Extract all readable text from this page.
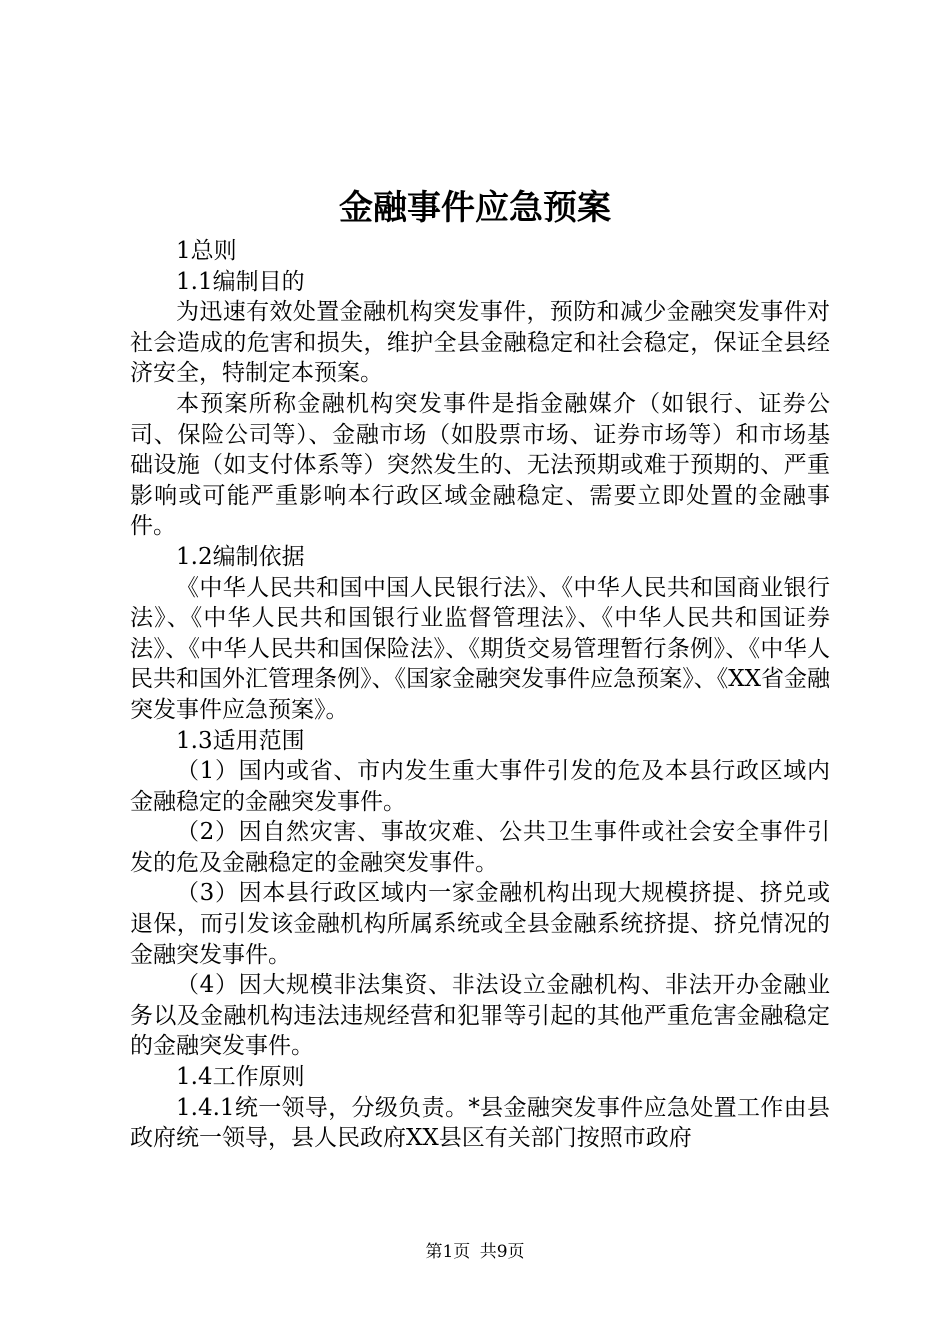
金融事件应急预案

1总则

1.1编制目的

为迅速有效处置金融机构突发事件，预防和减少金融突发事件对社会造成的危害和损失，维护全县金融稳定和社会稳定，保证全县经济安全，特制定本预案。

本预案所称金融机构突发事件是指金融媒介（如银行、证券公司、保险公司等）、金融市场（如股票市场、证券市场等）和市场基础设施（如支付体系等）突然发生的、无法预期或难于预期的、严重影响或可能严重影响本行政区域金融稳定、需要立即处置的金融事件。

1.2编制依据

《中华人民共和国中国人民银行法》、《中华人民共和国商业银行法》、《中华人民共和国银行业监督管理法》、《中华人民共和国证券法》、《中华人民共和国保险法》、《期货交易管理暂行条例》、《中华人民共和国外汇管理条例》、《国家金融突发事件应急预案》、《XX省金融突发事件应急预案》。

1.3适用范围

（1）国内或省、市内发生重大事件引发的危及本县行政区域内金融稳定的金融突发事件。

（2）因自然灾害、事故灾难、公共卫生事件或社会安全事件引发的危及金融稳定的金融突发事件。

（3）因本县行政区域内一家金融机构出现大规模挤提、挤兑或退保，而引发该金融机构所属系统或全县金融系统挤提、挤兑情况的金融突发事件。

（4）因大规模非法集资、非法设立金融机构、非法开办金融业务以及金融机构违法违规经营和犯罪等引起的其他严重危害金融稳定的金融突发事件。

1.4工作原则

1.4.1统一领导，分级负责。*县金融突发事件应急处置工作由县政府统一领导，县人民政府XX县区有关部门按照市政府

第1页 共9页
